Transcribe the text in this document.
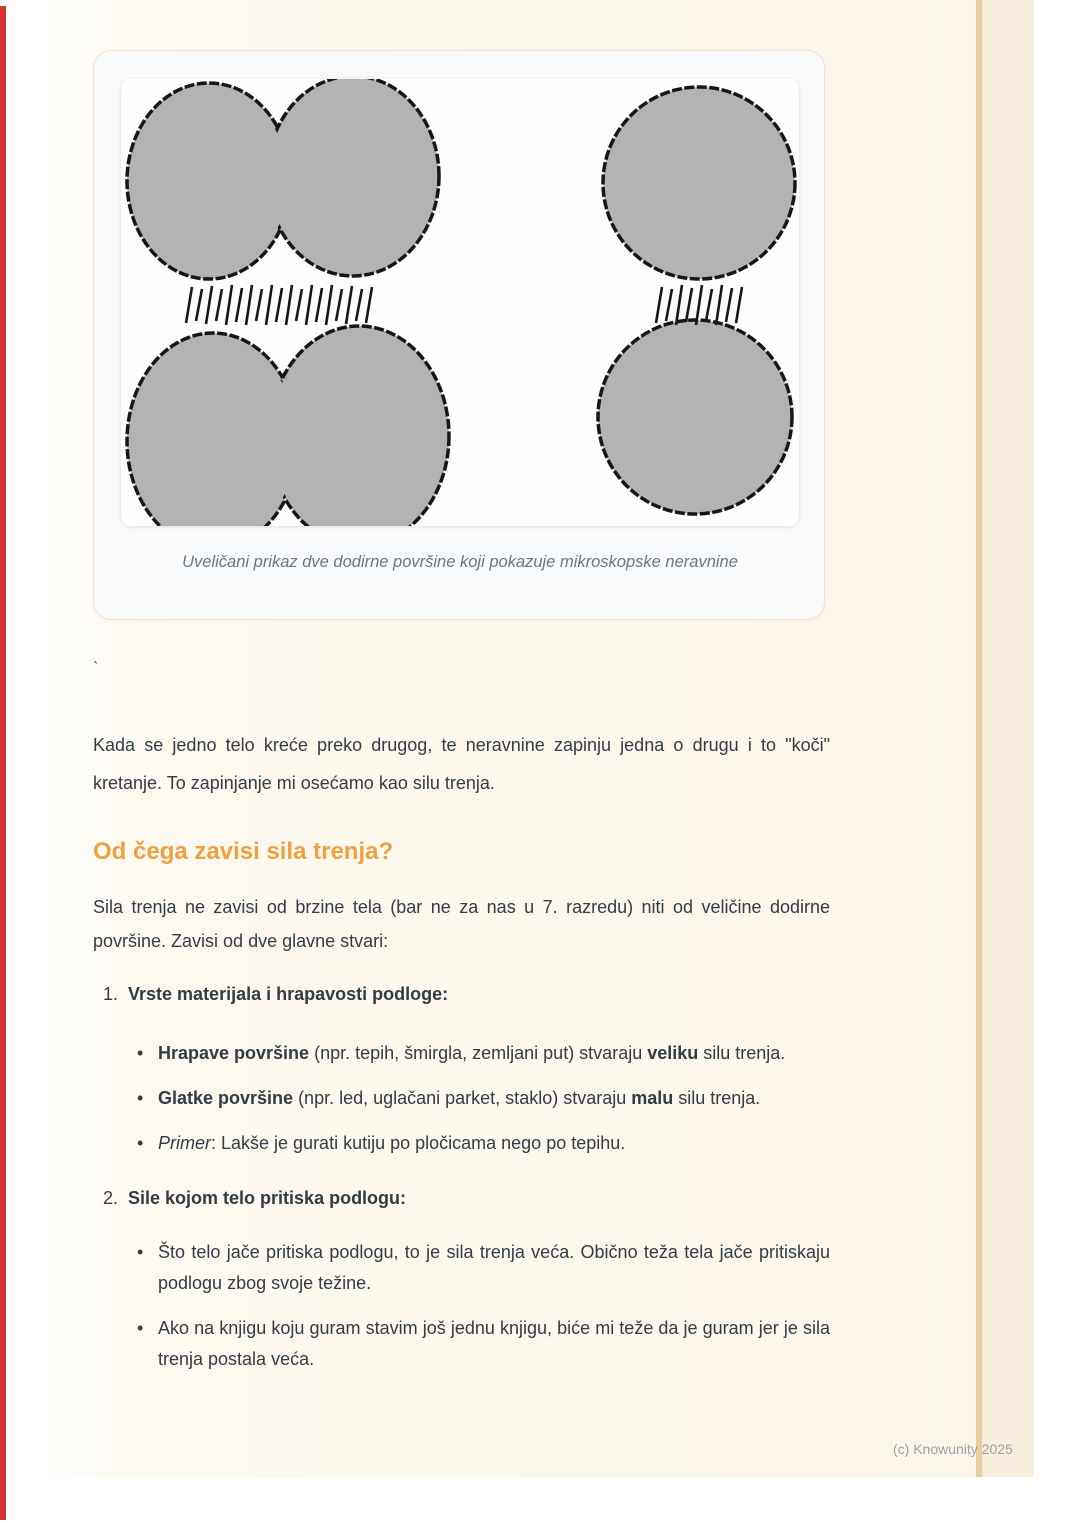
Uveličani prikaz dve dodirne površine koji pokazuje mikroskopske neravnine
`

Kada se jedno telo kreće preko drugog, te neravnine zapinju jedna o drugu i to "koči" kretanje. To zapinjanje mi osećamo kao silu trenja.

Od čega zavisi sila trenja?

Sila trenja ne zavisi od brzine tela (bar ne za nas u 7. razredu) niti od veličine dodirne površine. Zavisi od dve glavne stvari:

1. Vrste materijala i hrapavosti podloge:
•
Hrapave površine (npr. tepih, šmirgla, zemljani put) stvaraju veliku silu trenja.
•
Glatke površine (npr. led, uglačani parket, staklo) stvaraju malu silu trenja.
•
Primer: Lakše je gurati kutiju po pločicama nego po tepihu.
2. Sile kojom telo pritiska podlogu:
•
Što telo jače pritiska podlogu, to je sila trenja veća. Obično teža tela jače pritiskaju podlogu zbog svoje težine.
•
Ako na knjigu koju guram stavim još jednu knjigu, biće mi teže da je guram jer je sila trenja postala veća.
(c) Knowunity 2025
